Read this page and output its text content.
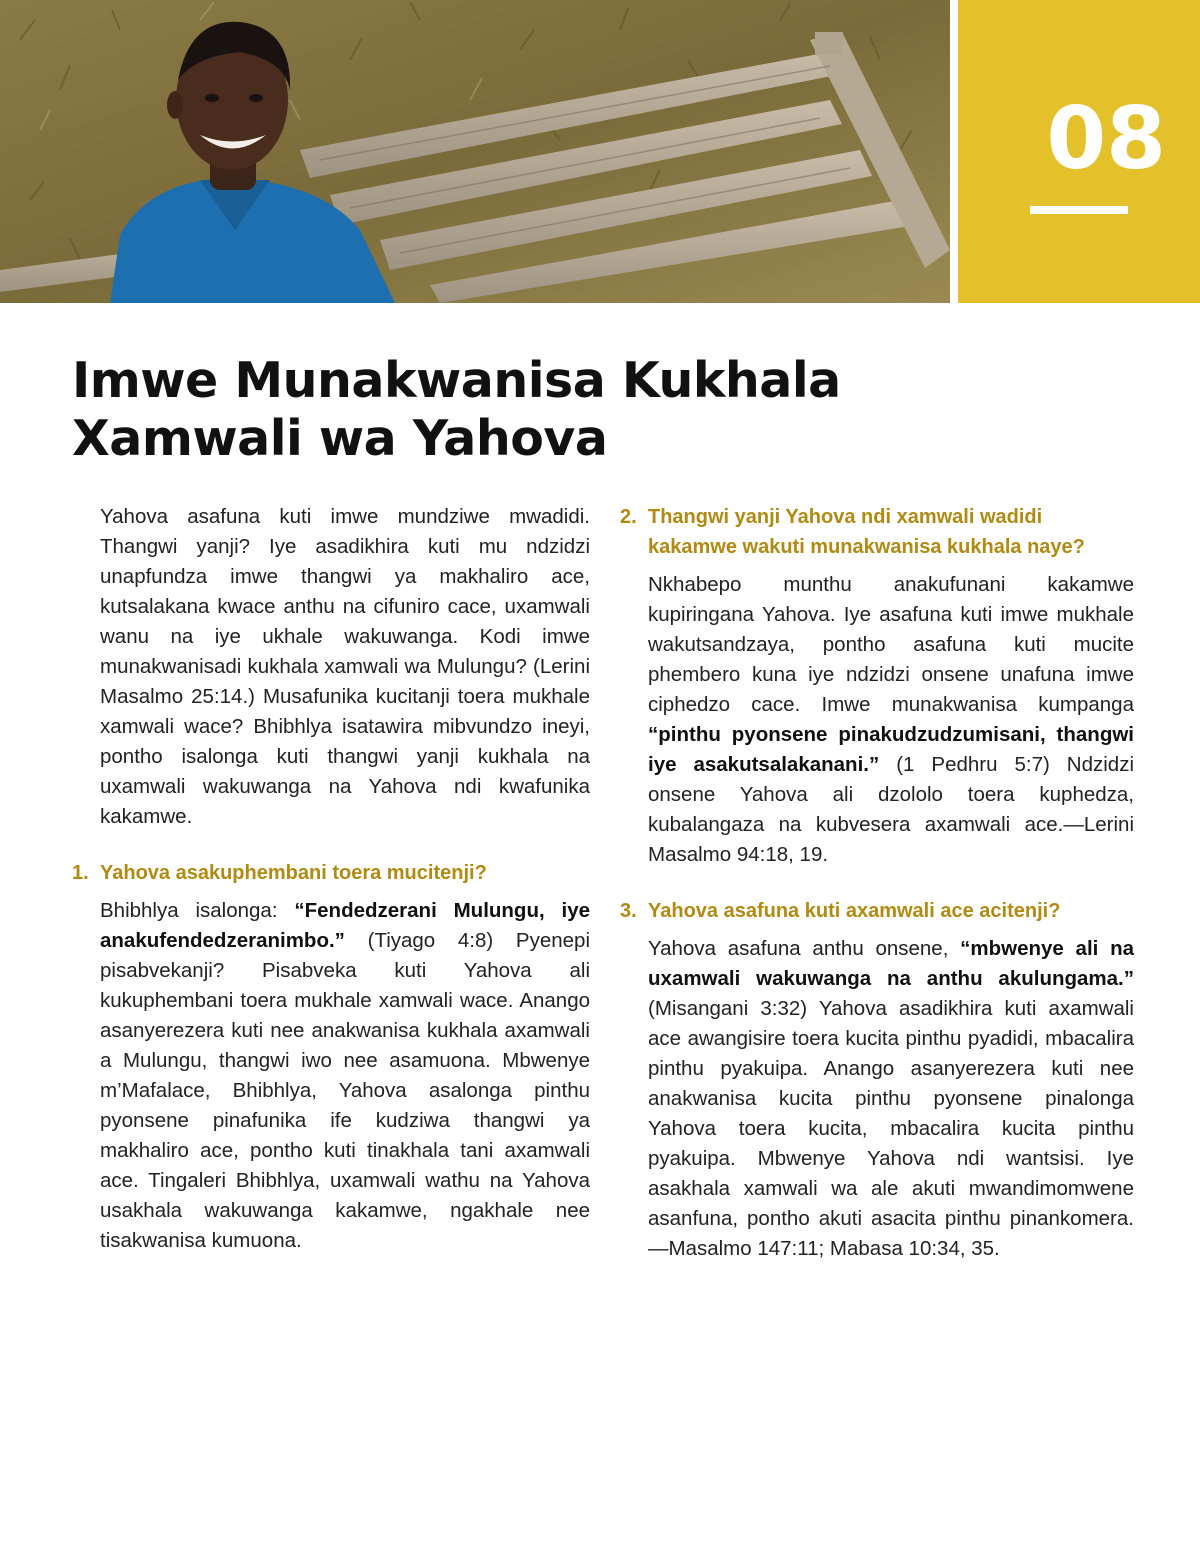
08
Imwe Munakwanisa Kukhala
Xamwali wa Yahova

Yahova asafuna kuti imwe mundziwe mwadidi. Thangwi yanji? Iye asadikhira kuti mu ndzidzi unapfundza imwe thangwi ya makhaliro ace, kutsalakana kwace anthu na cifuniro cace, uxamwali wanu na iye ukhale wakuwanga. Kodi imwe munakwanisadi kukhala xamwali wa Mulungu? (Lerini Masalmo 25:14.) Musafunika kucitanji toera mukhale xamwali wace? Bhibhlya isatawira mibvundzo ineyi, pontho isalonga kuti thangwi yanji kukhala na uxamwali wakuwanga na Yahova ndi kwafunika kakamwe.

1. Yahova asakuphembani toera mucitenji?

Bhibhlya isalonga: “Fendedzerani Mulungu, iye anakufendedzeranimbo.” (Tiyago 4:8) Pyenepi pisabvekanji? Pisabveka kuti Yahova ali kukuphembani toera mukhale xamwali wace. Anango asanyerezera kuti nee anakwanisa kukhala axamwali a Mulungu, thangwi iwo nee asamuona. Mbwenye m’Mafalace, Bhibhlya, Yahova asalonga pinthu pyonsene pinafunika ife kudziwa thangwi ya makhaliro ace, pontho kuti tinakhala tani axamwali ace. Tingaleri Bhibhlya, uxamwali wathu na Yahova usakhala wakuwanga kakamwe, ngakhale nee tisakwanisa kumuona.

2. Thangwi yanji Yahova ndi xamwali wadidi kakamwe wakuti munakwanisa kukhala naye?

Nkhabepo munthu anakufunani kakamwe kupiringana Yahova. Iye asafuna kuti imwe mukhale wakutsandzaya, pontho asafuna kuti mucite phembero kuna iye ndzidzi onsene unafuna imwe ciphedzo cace. Imwe munakwanisa kumpanga “pinthu pyonsene pinakudzudzumisani, thangwi iye asakutsalakanani.” (1 Pedhru 5:7) Ndzidzi onsene Yahova ali dzololo toera kuphedza, kubalangaza na kubvesera axamwali ace.—Lerini Masalmo 94:18, 19.

3. Yahova asafuna kuti axamwali ace acitenji?

Yahova asafuna anthu onsene, “mbwenye ali na uxamwali wakuwanga na anthu akulungama.” (Misangani 3:32) Yahova asadikhira kuti axamwali ace awangisire toera kucita pinthu pyadidi, mbacalira pinthu pyakuipa. Anango asanyerezera kuti nee anakwanisa kucita pinthu pyonsene pinalonga Yahova toera kucita, mbacalira kucita pinthu pyakuipa. Mbwenye Yahova ndi wantsisi. Iye asakhala xamwali wa ale akuti mwandimomwene asanfuna, pontho akuti asacita pinthu pinankomera.—Masalmo 147:11; Mabasa 10:34, 35.
